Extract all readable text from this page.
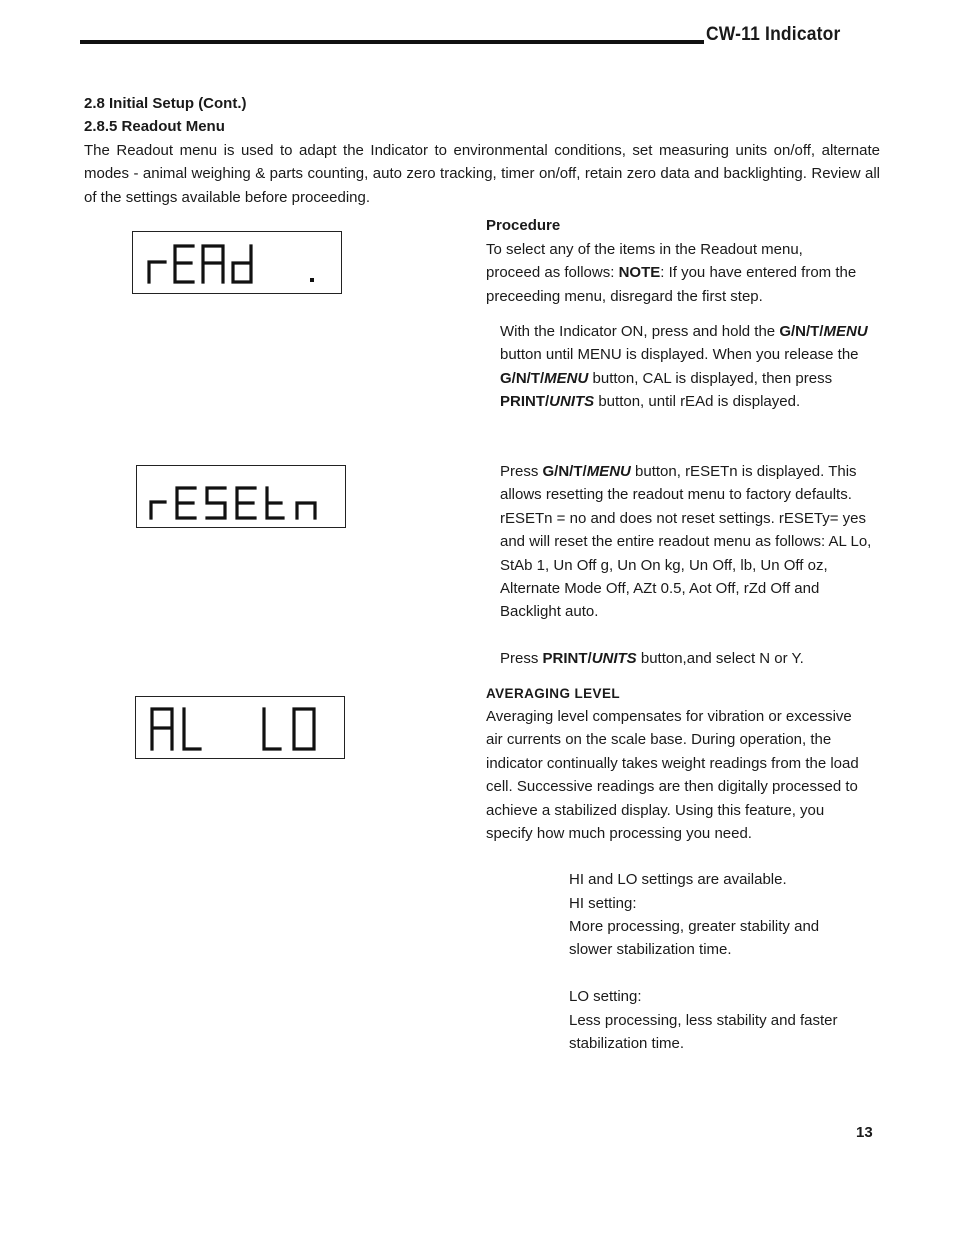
CW-11 Indicator
2.8 Initial Setup (Cont.)
2.8.5 Readout Menu

The Readout menu is used to adapt the Indicator to environmental conditions, set measuring units on/off, alternate modes - animal weighing & parts counting, auto zero tracking, timer on/off, retain zero data and backlighting. Review all of the settings available before proceeding.

Procedure

To select any of the items in the Readout menu, proceed as follows: NOTE: If you have entered from the preceeding menu, disregard the first step.

With the Indicator ON, press and hold the G/N/T/MENU button until MENU is displayed. When you release the G/N/T/MENU button, CAL is displayed, then press PRINT/UNITS button, until rEAd is displayed.

Press G/N/T/MENU button, rESETn is displayed. This allows resetting the readout menu to factory defaults. rESETn = no and does not reset settings. rESETy= yes and will reset the entire readout menu as follows: AL Lo, StAb 1, Un Off g, Un On kg, Un Off, lb, Un Off oz, Alternate Mode Off, AZt 0.5, Aot Off, rZd Off and Backlight auto.

Press PRINT/UNITS button,and select N or Y.

AVERAGING LEVEL

Averaging level compensates for vibration or excessive air currents on the scale base. During operation, the indicator continually takes weight readings from the load cell. Successive readings are then digitally processed to achieve a stabilized display. Using this feature, you specify how much processing you need.

HI and LO settings are available.

HI setting:

More processing, greater stability and slower stabilization time.

LO setting:

Less processing, less stability and faster stabilization time.

13
